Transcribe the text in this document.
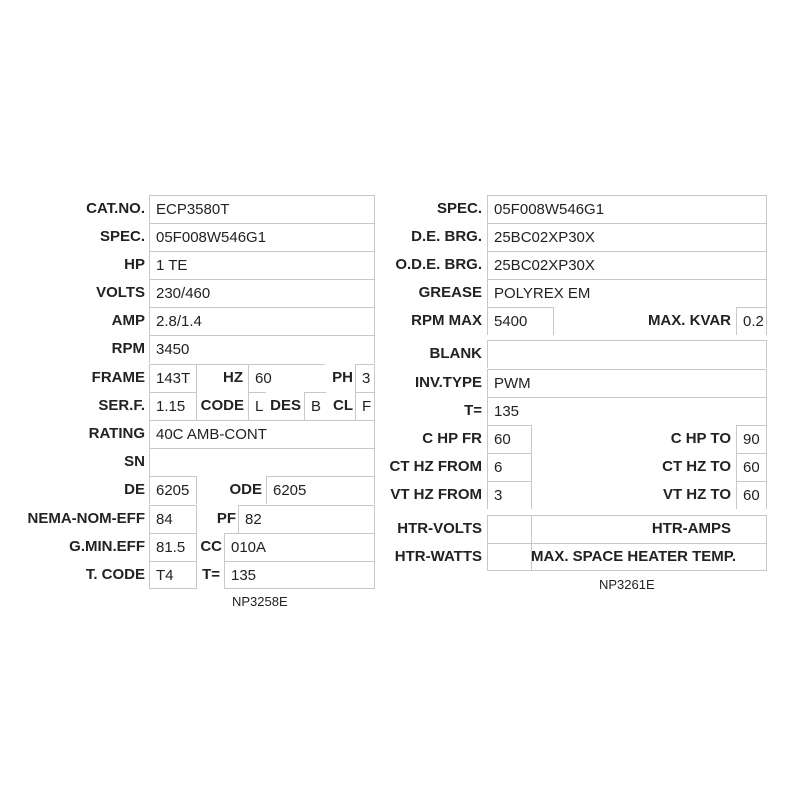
CAT.NO. ECP3580T
SPEC. 05F008W546G1
HP 1 TE
VOLTS 230/460
AMP 2.8/1.4
RPM 3450
FRAME 143T	HZ 60	PH 3
SER.F. 1.15	CODE L DES B CL F
RATING 40C AMB-CONT
SN
DE 6205	ODE 6205
NEMA-NOM-EFF 84	PF 82
G.MIN.EFF 81.5	CC 010A
T. CODE T4	T= 135
NP3258E
SPEC. 05F008W546G1
D.E. BRG. 25BC02XP30X
O.D.E. BRG. 25BC02XP30X
GREASE POLYREX EM
RPM MAX 5400	MAX. KVAR 0.2
BLANK
INV.TYPE PWM
T= 135
C HP FR 60	C HP TO 90
CT HZ FROM 6	CT HZ TO 60
VT HZ FROM 3	VT HZ TO 60
HTR-VOLTS	HTR-AMPS
HTR-WATTS	MAX. SPACE HEATER TEMP.
NP3261E
